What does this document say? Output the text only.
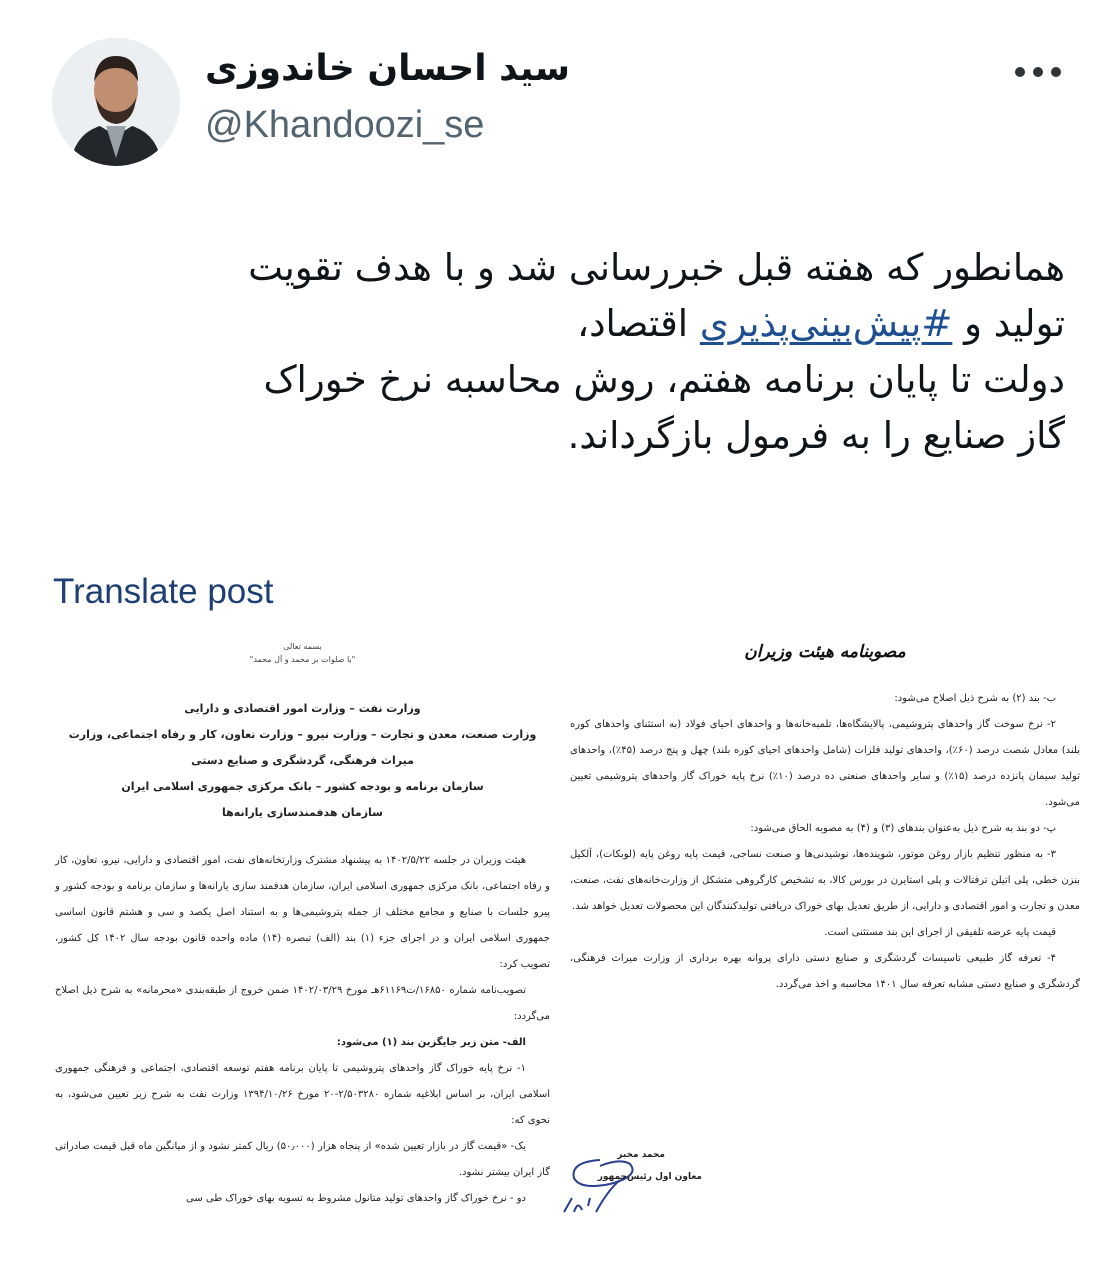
سید احسان خاندوزی
@Khandoozi_se
همانطور که هفته قبل خبررسانی شد و با هدف تقویت
تولید و #پیش‌بینی‌پذیری اقتصاد،
دولت تا پایان برنامه هفتم، روش محاسبه نرخ خوراک
گاز صنایع را به فرمول بازگرداند.
Translate post

بسمه تعالی

"با صلوات بر محمد و آل محمد"

وزارت نفت – وزارت امور اقتصادی و دارایی

وزارت صنعت، معدن و تجارت – وزارت نیرو – وزارت تعاون، کار و رفاه اجتماعی، وزارت

میراث فرهنگی، گردشگری و صنایع دستی

سازمان برنامه و بودجه کشور – بانک مرکزی جمهوری اسلامی ایران

سازمان هدفمندسازی یارانه‌ها

هیئت وزیران در جلسه ۱۴۰۲/۵/۲۲ به پیشنهاد مشترک وزارتخانه‌های نفت، امور اقتصادی و دارایی، نیرو، تعاون، کار و رفاه اجتماعی، بانک مرکزی جمهوری اسلامی ایران، سازمان هدفمند سازی یارانه‌ها و سازمان برنامه و بودجه کشور و پیرو جلسات با صنایع و مجامع مختلف از جمله پتروشیمی‌ها و به استناد اصل یکصد و سی و هشتم قانون اساسی جمهوری اسلامی ایران و در اجرای جزء (۱) بند (الف) تبصره (۱۴) ماده واحده قانون بودجه سال ۱۴۰۲ کل کشور، تصویب کرد:

تصویب‌نامه شماره ۱۶۸۵۰/ت۶۱۱۶۹هـ مورخ ۱۴۰۲/۰۳/۲۹ ضمن خروج از طبقه‌بندی «محرمانه» به شرح ذیل اصلاح می‌گردد:

الف- متن زیر جایگزین بند (۱) می‌شود:

۱- نرخ پایه خوراک گاز واحدهای پتروشیمی تا پایان برنامه هفتم توسعه اقتصادی، اجتماعی و فرهنگی جمهوری اسلامی ایران، بر اساس ابلاغیه شماره ۲/۵۰۳۲۸۰-۲۰ مورخ ۱۳۹۴/۱۰/۲۶ وزارت نفت به شرح زیر تعیین می‌شود، به نحوی که:

یک- «قیمت گاز در بازار تعیین شده» از پنجاه هزار (۵۰٫۰۰۰) ریال کمتر نشود و از میانگین ماه قبل قیمت صادراتی گاز ایران بیشتر نشود.

دو - نرخ خوراک گاز واحدهای تولید متانول مشروط به تسویه بهای خوراک طی سی

مصوبنامه هیئت وزیران

ب- بند (۲) به شرح ذیل اصلاح می‌شود:

۲- نرخ سوخت گاز واحدهای پتروشیمی، پالایشگاه‌ها، تلمبه‌خانه‌ها و واحدهای احیای فولاد (به استثنای واحدهای کوره بلند) معادل شصت درصد (۶۰٪)، واحدهای تولید فلزات (شامل واحدهای احیای کوره بلند) چهل و پنج درصد (۴۵٪)، واحدهای تولید سیمان پانزده درصد (۱۵٪) و سایر واحدهای صنعتی ده درصد (۱۰٪) نرخ پایه خوراک گاز واحدهای پتروشیمی تعیین می‌شود.

پ- دو بند به شرح ذیل به‌عنوان بندهای (۳) و (۴) به مصوبه الحاق می‌شود:

۳- به منظور تنظیم بازار روغن موتور، شوینده‌ها، نوشیدنی‌ها و صنعت نساجی، قیمت پایه روغن پایه (لوبکات)، آلکیل بنزن خطی، پلی اتیلن ترفتالات و پلی استایرن در بورس کالا، به تشخیص کارگروهی متشکل از وزارت‌خانه‌های نفت، صنعت، معدن و تجارت و امور اقتصادی و دارایی، از طریق تعدیل بهای خوراک دریافتی تولیدکنندگان این محصولات تعدیل خواهد شد.

قیمت پایه عرضه تلفیقی از اجرای این بند مستثنی است.

۴- تعرفه گاز طبیعی تاسیسات گردشگری و صنایع دستی دارای پروانه بهره برداری از وزارت میراث فرهنگی، گردشگری و صنایع دستی مشابه تعرفه سال ۱۴۰۱ محاسبه و اخذ می‌گردد.

محمد مخبر
معاون اول رئیس‌جمهور
